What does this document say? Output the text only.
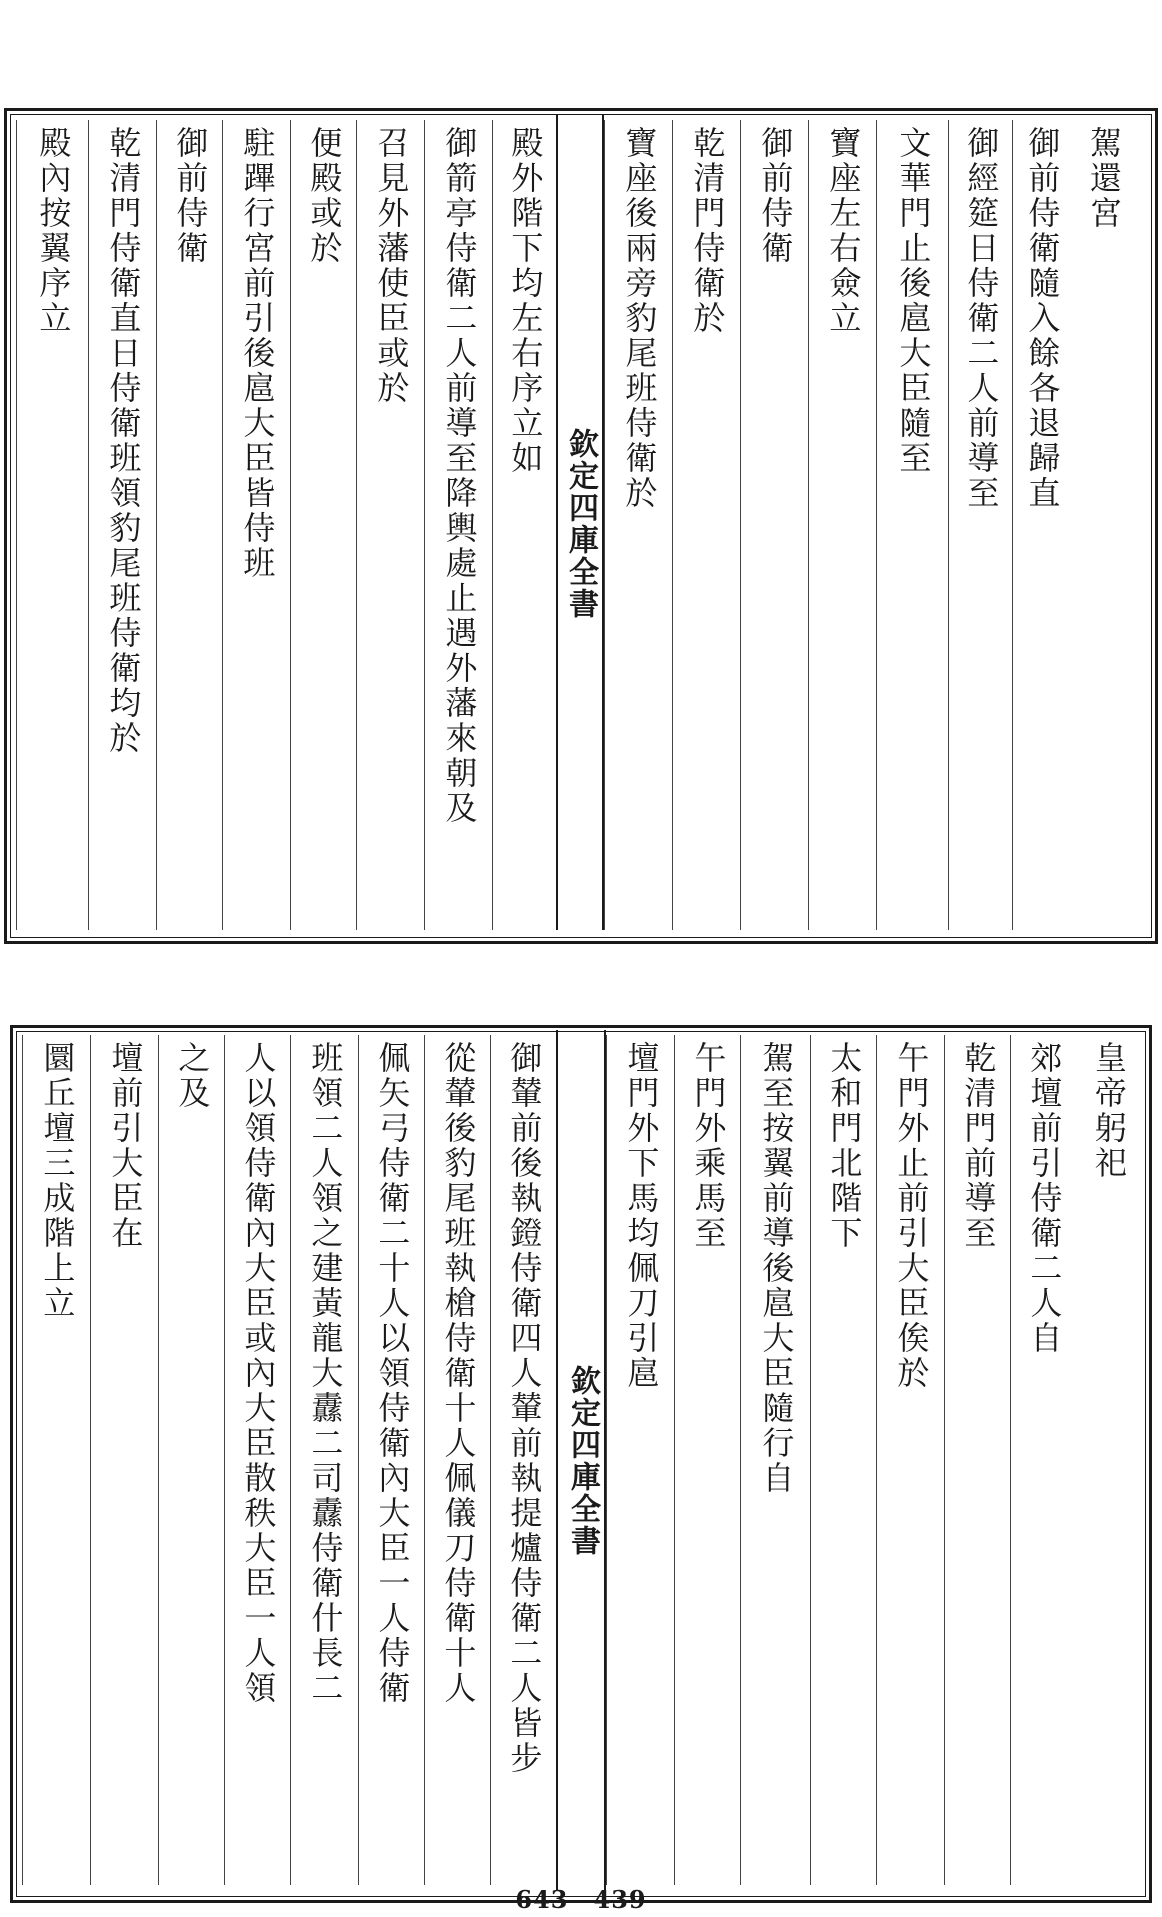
駕還宮
御前侍衛隨入餘各退歸直
御經筵日侍衛二人前導至
文華門止後扈大臣隨至
寶座左右僉立
御前侍衛
乾清門侍衛於
寶座後兩旁豹尾班侍衛於
欽定四庫全書
殿外階下均左右序立如
御箭亭侍衛二人前導至降輿處止遇外藩來朝及
召見外藩使臣或於
便殿或於
駐蹕行宮前引後扈大臣皆侍班
御前侍衛
乾清門侍衛直日侍衛班領豹尾班侍衛均於
殿內按翼序立
皇帝躬祀
郊壇前引侍衛二人自
乾清門前導至
午門外止前引大臣俟於
太和門北階下
駕至按翼前導後扈大臣隨行自
午門外乘馬至
壇門外下馬均佩刀引扈
欽定四庫全書
皇朝通典 卷六十八
御輦前後執鐙侍衛四人輦前執提爐侍衛二人皆步
從輦後豹尾班執槍侍衛十人佩儀刀侍衛十人
佩矢弓侍衛二十人以領侍衛內大臣一人侍衛
班領二人領之建黃龍大纛二司纛侍衛什長二
人以領侍衛內大臣或內大臣散秩大臣一人領
之及
壇前引大臣在
圜丘壇三成階上立
643—439
